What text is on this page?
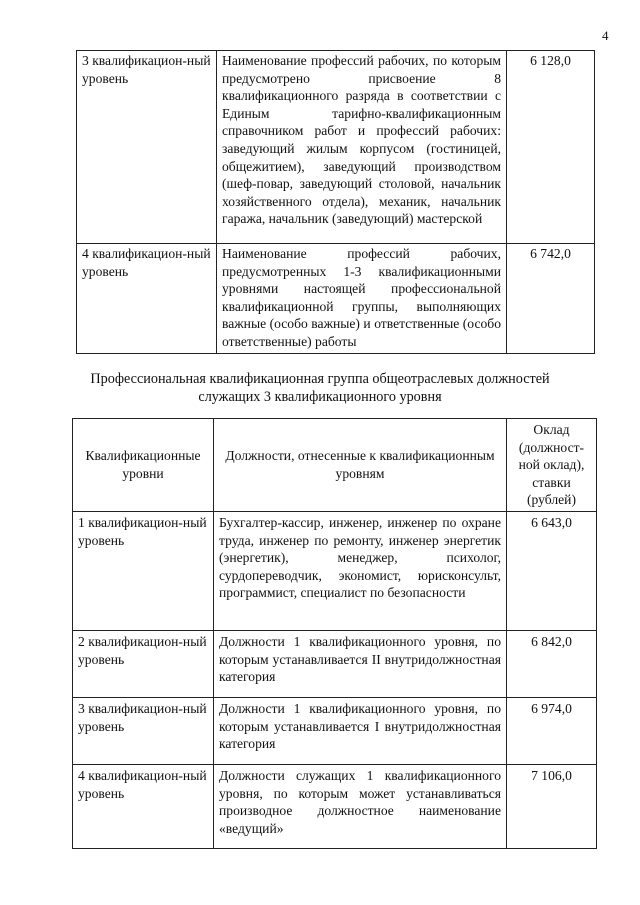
4
3 квалификацион-ный уровень	Наименование профессий рабочих, по которым предусмотрено присвоение 8 квалификационного разряда в соответствии с Единым тарифно-квалификационным справочником работ и профессий рабочих: заведующий жилым корпусом (гостиницей, общежитием), заведующий производством (шеф-повар, заведующий столовой, начальник хозяйственного отдела), механик, начальник гаража, начальник (заведующий) мастерской	6 128,0
4 квалификацион-ный уровень	Наименование профессий рабочих, предусмотренных 1-3 квалификационными уровнями настоящей профессиональной квалификационной группы, выполняющих важные (особо важные) и ответственные (особо ответственные) работы	6 742,0
Профессиональная квалификационная группа общеотраслевых должностей
служащих 3 квалификационного уровня
Квалификационные уровни	Должности, отнесенные к квалификационным уровням	Оклад (должност-ной оклад), ставки (рублей)
1 квалификацион-ный уровень	Бухгалтер-кассир, инженер, инженер по охране труда, инженер по ремонту, инженер энергетик (энергетик), менеджер, психолог, сурдопереводчик, экономист, юрисконсульт, программист, специалист по безопасности	6 643,0
2 квалификацион-ный уровень	Должности 1 квалификационного уровня, по которым устанавливается II внутридолжностная категория	6 842,0
3 квалификацион-ный уровень	Должности 1 квалификационного уровня, по которым устанавливается I внутридолжностная категория	6 974,0
4 квалификацион-ный уровень	Должности служащих 1 квалификационного уровня, по которым может устанавливаться производное должностное наименование «ведущий»	7 106,0
